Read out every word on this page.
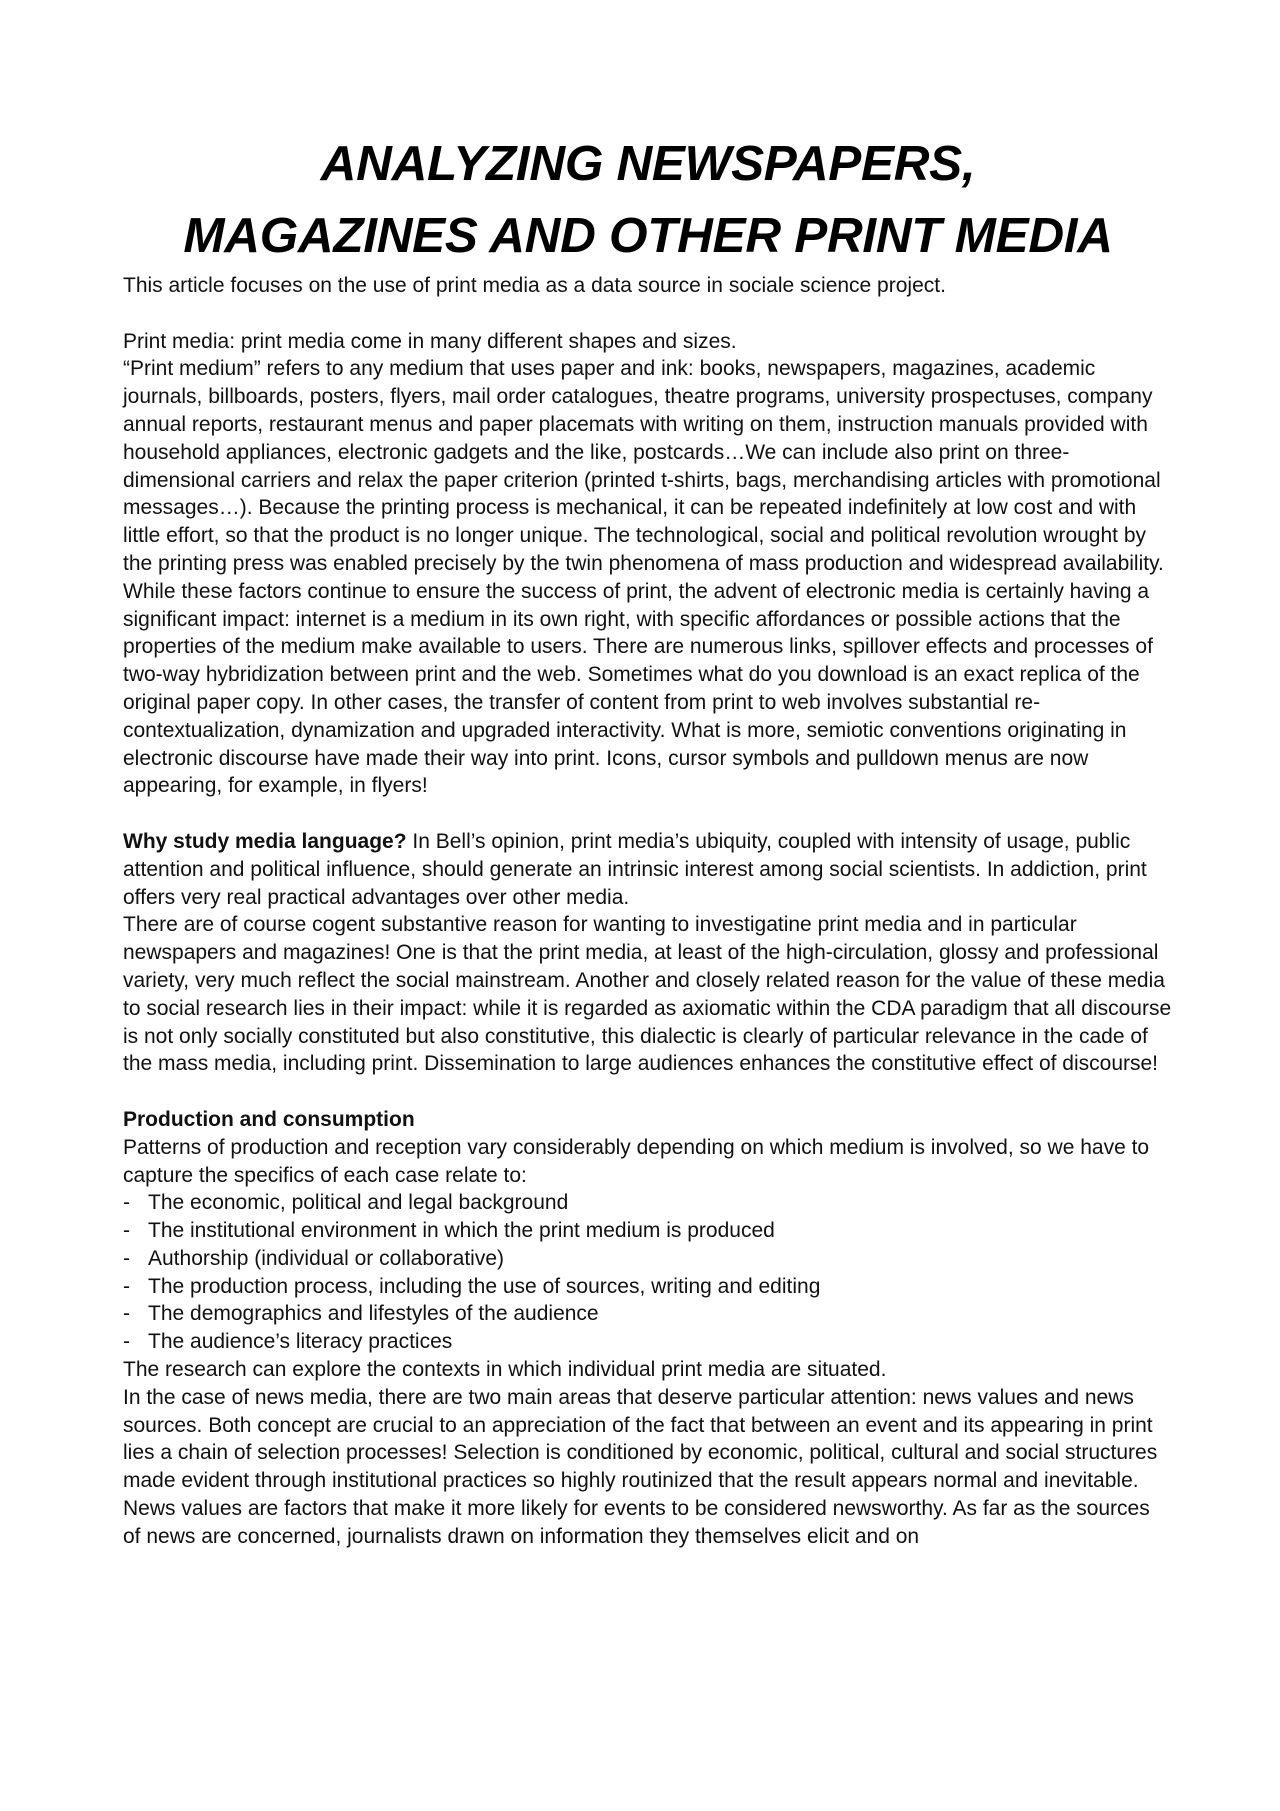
ANALYZING NEWSPAPERS,
MAGAZINES AND OTHER PRINT MEDIA

This article focuses on the use of print media as a data source in sociale science project.

Print media: print media come in many different shapes and sizes.

“Print medium” refers to any medium that uses paper and ink: books, newspapers, magazines, academic journals, billboards, posters, flyers, mail order catalogues, theatre programs, university prospectuses, company annual reports, restaurant menus and paper placemats with writing on them, instruction manuals provided with household appliances, electronic gadgets and the like, postcards…We can include also print on three-dimensional carriers and relax the paper criterion (printed t-shirts, bags, merchandising articles with promotional messages…). Because the printing process is mechanical, it can be repeated indefinitely at low cost and with little effort, so that the product is no longer unique. The technological, social and political revolution wrought by the printing press was enabled precisely by the twin phenomena of mass production and widespread availability. While these factors continue to ensure the success of print, the advent of electronic media is certainly having a significant impact: internet is a medium in its own right, with specific affordances or possible actions that the properties of the medium make available to users. There are numerous links, spillover effects and processes of two-way hybridization between print and the web. Sometimes what do you download is an exact replica of the original paper copy. In other cases, the transfer of content from print to web involves substantial re-contextualization, dynamization and upgraded interactivity. What is more, semiotic conventions originating in electronic discourse have made their way into print. Icons, cursor symbols and pulldown menus are now appearing, for example, in flyers!

Why study media language? In Bell’s opinion, print media’s ubiquity, coupled with intensity of usage, public attention and political influence, should generate an intrinsic interest among social scientists. In addiction, print offers very real practical advantages over other media.

There are of course cogent substantive reason for wanting to investigatine print media and in particular newspapers and magazines! One is that the print media, at least of the high-circulation, glossy and professional variety, very much reflect the social mainstream. Another and closely related reason for the value of these media to social research lies in their impact: while it is regarded as axiomatic within the CDA paradigm that all discourse is not only socially constituted but also constitutive, this dialectic is clearly of particular relevance in the cade of the mass media, including print. Dissemination to large audiences enhances the constitutive effect of discourse!

Production and consumption

Patterns of production and reception vary considerably depending on which medium is involved, so we have to capture the specifics of each case relate to:

- The economic, political and legal background
- The institutional environment in which the print medium is produced
- Authorship (individual or collaborative)
- The production process, including the use of sources, writing and editing
- The demographics and lifestyles of the audience
- The audience’s literacy practices

The research can explore the contexts in which individual print media are situated.

In the case of news media, there are two main areas that deserve particular attention: news values and news sources. Both concept are crucial to an appreciation of the fact that between an event and its appearing in print lies a chain of selection processes! Selection is conditioned by economic, political, cultural and social structures made evident through institutional practices so highly routinized that the result appears normal and inevitable.

News values are factors that make it more likely for events to be considered newsworthy. As far as the sources of news are concerned, journalists drawn on information they themselves elicit and on
